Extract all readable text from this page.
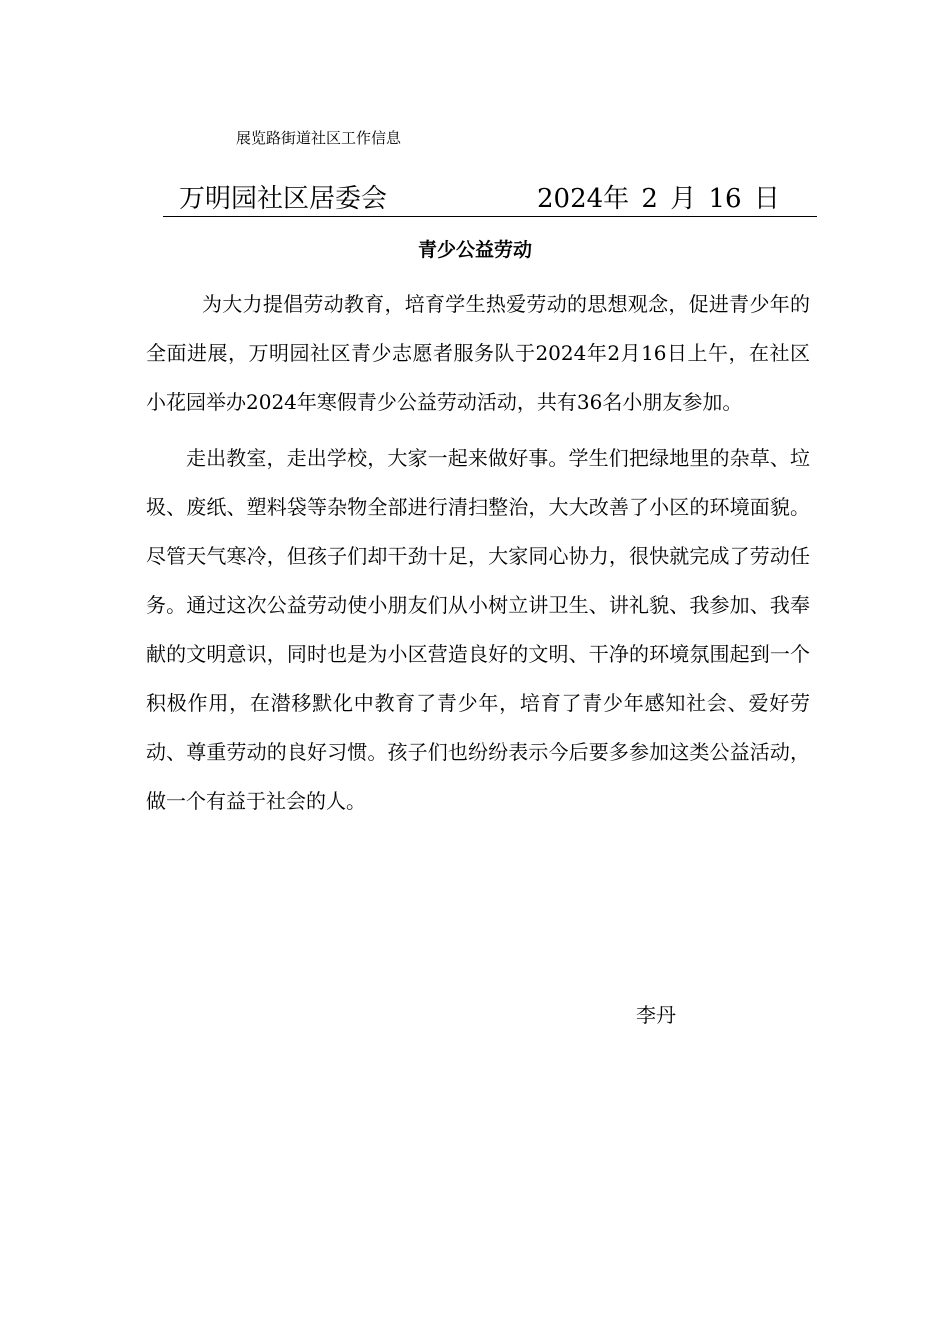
展览路街道社区工作信息
万明园社区居委会	2024年 2 月 16 日
青少公益劳动

为大力提倡劳动教育，培育学生热爱劳动的思想观念，促进青少年的全面进展，万明园社区青少志愿者服务队于2024年2月16日上午，在社区小花园举办2024年寒假青少公益劳动活动，共有36名小朋友参加。

走出教室，走出学校，大家一起来做好事。学生们把绿地里的杂草、垃圾、废纸、塑料袋等杂物全部进行清扫整治，大大改善了小区的环境面貌。尽管天气寒冷，但孩子们却干劲十足，大家同心协力，很快就完成了劳动任务。通过这次公益劳动使小朋友们从小树立讲卫生、讲礼貌、我参加、我奉献的文明意识，同时也是为小区营造良好的文明、干净的环境氛围起到一个积极作用，在潜移默化中教育了青少年，培育了青少年感知社会、爱好劳动、尊重劳动的良好习惯。孩子们也纷纷表示今后要多参加这类公益活动，做一个有益于社会的人。

李丹
